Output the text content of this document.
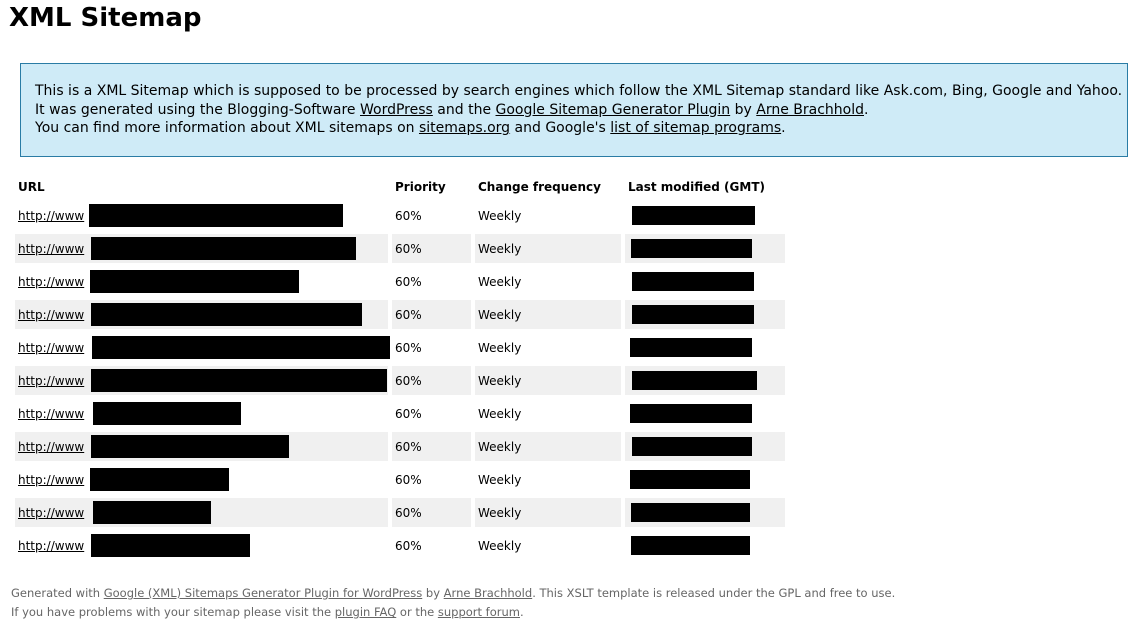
XML Sitemap

This is a XML Sitemap which is supposed to be processed by search engines which follow the XML Sitemap standard like Ask.com, Bing, Google and Yahoo.

It was generated using the Blogging-Software WordPress and the Google Sitemap Generator Plugin by Arne Brachhold.

You can find more information about XML sitemaps on sitemaps.org and Google's list of sitemap programs.

URL	Priority	Change frequency	Last modified (GMT)
http://www	60%	Weekly	

http://www	60%	Weekly	

http://www	60%	Weekly	

http://www	60%	Weekly	

http://www	60%	Weekly	

http://www	60%	Weekly	

http://www	60%	Weekly	

http://www	60%	Weekly	

http://www	60%	Weekly	

http://www	60%	Weekly	

http://www	60%	Weekly	

Generated with Google (XML) Sitemaps Generator Plugin for WordPress by Arne Brachhold. This XSLT template is released under the GPL and free to use.

If you have problems with your sitemap please visit the plugin FAQ or the support forum.
